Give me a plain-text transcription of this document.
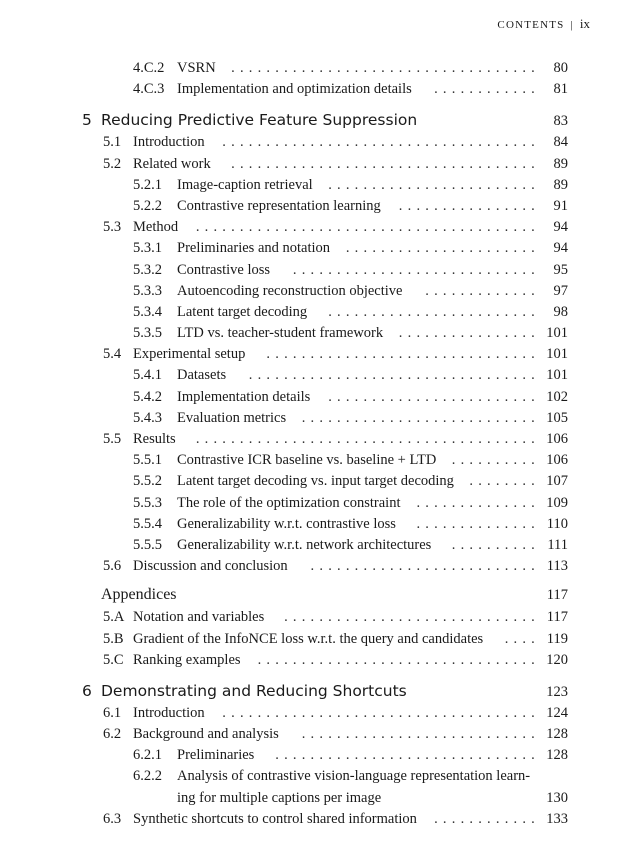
CONTENTS | ix
4.C.2 VSRN	................................... 80
4.C.3 Implementation and optimization details	............ 81
5 Reducing Predictive Feature Suppression	83
5.1 Introduction	.................................... 84
5.2 Related work	................................... 89
5.2.1	Image-caption retrieval	........................ 89
5.2.2	Contrastive representation learning	................ 91
5.3 Method	....................................... 94
5.3.1	Preliminaries and notation	...................... 94
5.3.2	Contrastive loss	............................ 95
5.3.3	Autoencoding reconstruction objective	............. 97
5.3.4	Latent target decoding	........................ 98
5.3.5	LTD vs. teacher-student framework	................ 101
5.4 Experimental setup	............................... 101
5.4.1	Datasets	................................. 101
5.4.2	Implementation details	........................ 102
5.4.3	Evaluation metrics	........................... 105
5.5 Results	....................................... 106
5.5.1	Contrastive ICR baseline vs. baseline + LTD	.......... 106
5.5.2	Latent target decoding vs. input target decoding	........ 107
5.5.3	The role of the optimization constraint	.............. 109
5.5.4	Generalizability w.r.t. contrastive loss	.............. 110
5.5.5	Generalizability w.r.t. network architectures	.......... 111
5.6 Discussion and conclusion	.......................... 113
Appendices	117
5.A Notation and variables	............................. 117
5.B Gradient of the InfoNCE loss w.r.t. the query and candidates	.... 119
5.C Ranking examples	................................ 120
6 Demonstrating and Reducing Shortcuts	123
6.1 Introduction	.................................... 124
6.2 Background and analysis	........................... 128
6.2.1	Preliminaries	.............................. 128
6.2.2	Analysis of contrastive vision-language representation learn-
ing for multiple captions per image	130
6.3 Synthetic shortcuts to control shared information	............ 133
